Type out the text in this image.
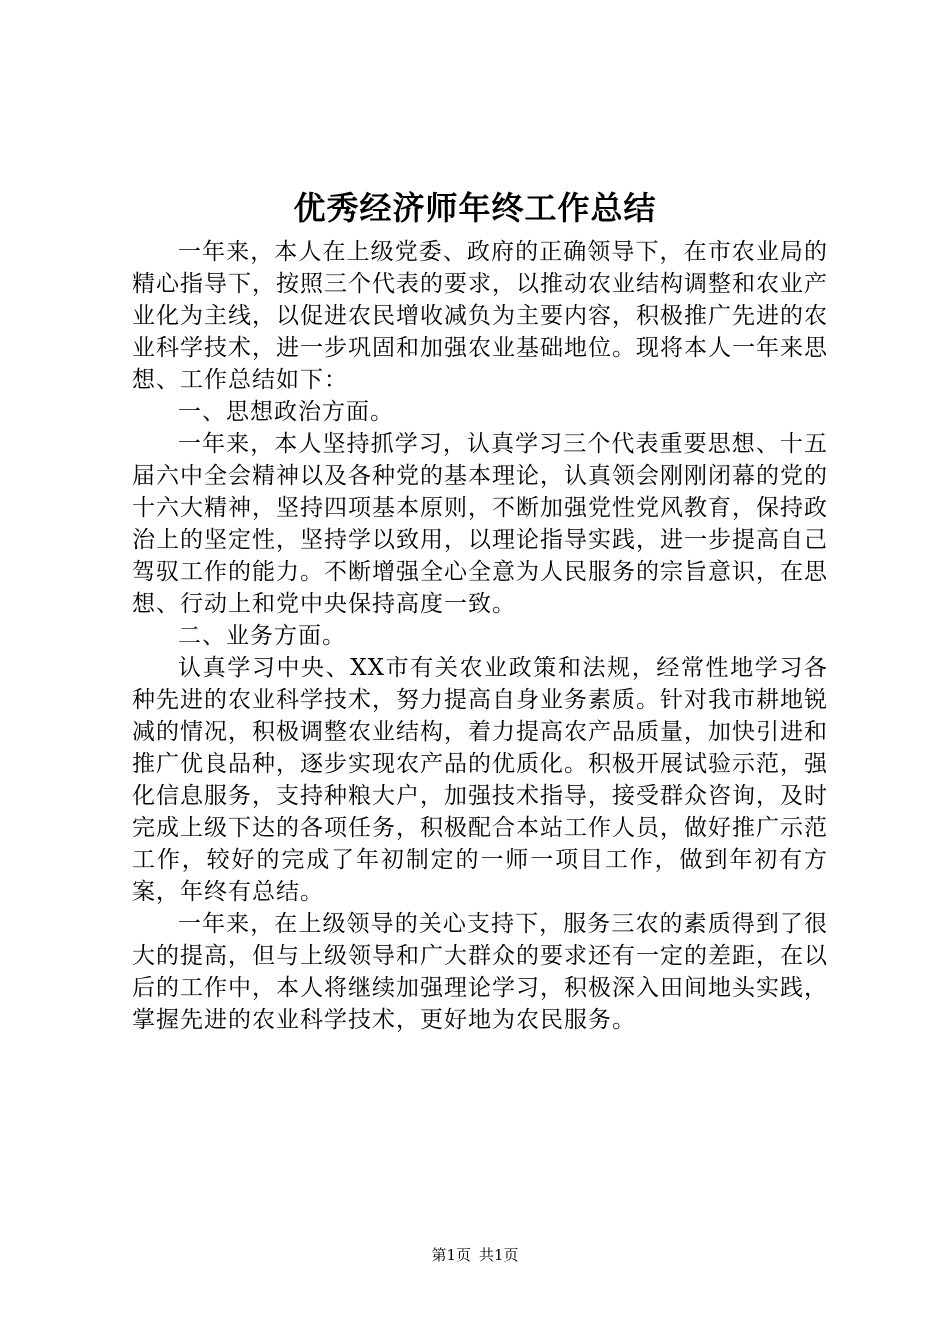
优秀经济师年终工作总结

一年来，本人在上级党委、政府的正确领导下，在市农业局的精心指导下，按照三个代表的要求，以推动农业结构调整和农业产业化为主线，以促进农民增收减负为主要内容，积极推广先进的农业科学技术，进一步巩固和加强农业基础地位。现将本人一年来思想、工作总结如下：

一、思想政治方面。

一年来，本人坚持抓学习，认真学习三个代表重要思想、十五届六中全会精神以及各种党的基本理论，认真领会刚刚闭幕的党的十六大精神，坚持四项基本原则，不断加强党性党风教育，保持政治上的坚定性，坚持学以致用，以理论指导实践，进一步提高自己驾驭工作的能力。不断增强全心全意为人民服务的宗旨意识，在思想、行动上和党中央保持高度一致。

二、业务方面。

认真学习中央、XX市有关农业政策和法规，经常性地学习各种先进的农业科学技术，努力提高自身业务素质。针对我市耕地锐减的情况，积极调整农业结构，着力提高农产品质量，加快引进和推广优良品种，逐步实现农产品的优质化。积极开展试验示范，强化信息服务，支持种粮大户，加强技术指导，接受群众咨询，及时完成上级下达的各项任务，积极配合本站工作人员，做好推广示范工作，较好的完成了年初制定的一师一项目工作，做到年初有方案，年终有总结。

一年来，在上级领导的关心支持下，服务三农的素质得到了很大的提高，但与上级领导和广大群众的要求还有一定的差距，在以后的工作中，本人将继续加强理论学习，积极深入田间地头实践，掌握先进的农业科学技术，更好地为农民服务。

第1页 共1页
